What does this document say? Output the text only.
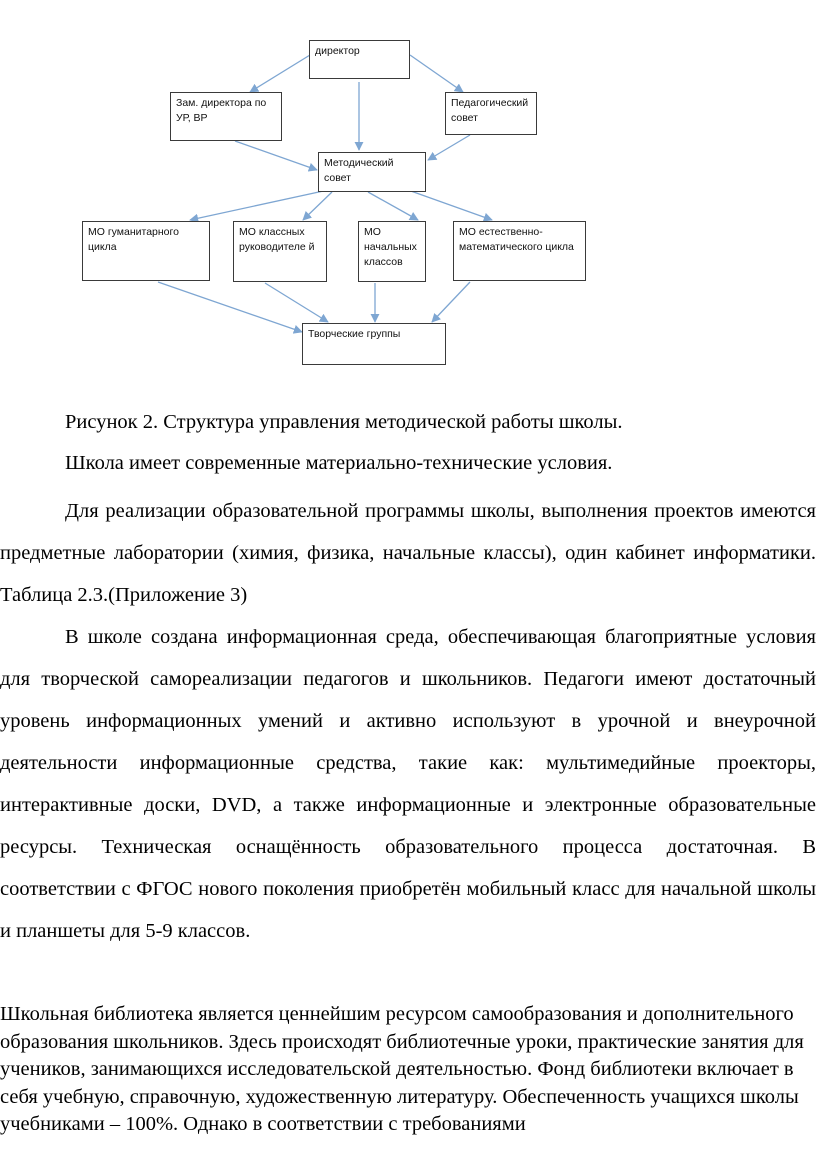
директор
Зам. директора по УР, ВР
Педагогический совет
Методический совет
МО гуманитарного цикла
МО классных руководителе й
МО начальных классов
МО естественно-математического цикла
Творческие группы
Рисунок 2. Структура управления методической работы школы.
Школа имеет современные материально-технические условия.

Для реализации образовательной программы школы, выполнения проектов имеются предметные лаборатории (химия, физика, начальные классы), один кабинет информатики. Таблица 2.3.(Приложение 3)

В школе создана информационная среда, обеспечивающая благоприятные условия для творческой самореализации педагогов и школьников. Педагоги имеют достаточный уровень информационных умений и активно используют в урочной и внеурочной деятельности информационные средства, такие как: мультимедийные проекторы, интерактивные доски, DVD, а также информационные и электронные образовательные ресурсы. Техническая оснащённость образовательного процесса достаточная. В соответствии с ФГОС нового поколения приобретён мобильный класс для начальной школы и планшеты для 5-9 классов.

Школьная библиотека является ценнейшим ресурсом самообразования и дополнительного образования школьников. Здесь происходят библиотечные уроки, практические занятия для учеников, занимающихся исследовательской деятельностью. Фонд библиотеки включает в себя учебную, справочную, художественную литературу. Обеспеченность учащихся школы учебниками – 100%. Однако в соответствии с требованиями
